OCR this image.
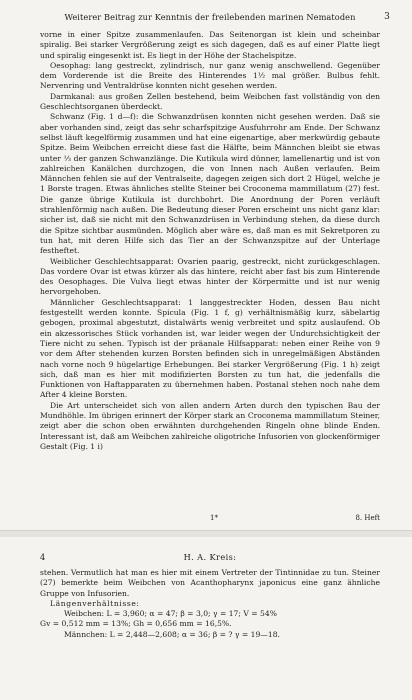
Weiterer Beitrag zur Kenntnis der freilebenden marinen Nematoden	3

vorne in einer Spitze zusammenlaufen. Das Seitenorgan ist klein und scheinbar spiralig. Bei starker Vergrößerung zeigt es sich dagegen, daß es auf einer Platte liegt und spiralig eingesenkt ist. Es liegt in der Höhe der Stachelspitze.

Oesophag: lang gestreckt, zylindrisch, nur ganz wenig anschwellend. Gegenüber dem Vorderende ist die Breite des Hinterendes 1½ mal größer. Bulbus fehlt. Nervenring und Ventraldrüse konnten nicht gesehen werden.

Darmkanal: aus großen Zellen bestehend, beim Weibchen fast vollständig von den Geschlechtsorganen überdeckt.

Schwanz (Fig. 1 d—f): die Schwanzdrüsen konnten nicht gesehen werden. Daß sie aber vorhanden sind, zeigt das sehr scharfspitzige Ausfuhrrohr am Ende. Der Schwanz selbst läuft kegelförmig zusammen und hat eine eigenartige, aber merkwürdig gebaute Spitze. Beim Weibchen erreicht diese fast die Hälfte, beim Männchen bleibt sie etwas unter ⅓ der ganzen Schwanzlänge. Die Kutikula wird dünner, lamellenartig und ist von zahlreichen Kanälchen durchzogen, die von Innen nach Außen verlaufen. Beim Männchen fehlen sie auf der Ventralseite, dagegen zeigen sich dort 2 Hügel, welche je 1 Borste tragen. Etwas ähnliches stellte Steiner bei Croconema mammillatum (27) fest. Die ganze übrige Kutikula ist durchbohrt. Die Anordnung der Poren verläuft strahlenförmig nach außen. Die Bedeutung dieser Poren erscheint uns nicht ganz klar: sicher ist, daß sie nicht mit den Schwanzdrüsen in Verbindung stehen, da diese durch die Spitze sichtbar ausmünden. Möglich aber wäre es, daß man es mit Sekretporen zu tun hat, mit deren Hilfe sich das Tier an der Schwanzspitze auf der Unterlage festheftet.

Weiblicher Geschlechtsapparat: Ovarien paarig, gestreckt, nicht zurückgeschlagen. Das vordere Ovar ist etwas kürzer als das hintere, reicht aber fast bis zum Hinterende des Oesophages. Die Vulva liegt etwas hinter der Körpermitte und ist nur wenig hervorgehoben.

Männlicher Geschlechtsapparat: 1 langgestreckter Hoden, dessen Bau nicht festgestellt werden konnte. Spicula (Fig. 1 f, g) verhältnismäßig kurz, säbelartig gebogen, proximal abgestutzt, distalwärts wenig verbreitet und spitz auslaufend. Ob ein akzessorisches Stück vorhanden ist, war leider wegen der Undurchsichtigkeit der Tiere nicht zu sehen. Typisch ist der präanale Hilfsapparat: neben einer Reihe von 9 vor dem After stehenden kurzen Borsten befinden sich in unregelmäßigen Abständen nach vorne noch 9 hügelartige Erhebungen. Bei starker Vergrößerung (Fig. 1 h) zeigt sich, daß man es hier mit modifizierten Borsten zu tun hat, die jedenfalls die Funktionen von Haftapparaten zu übernehmen haben. Postanal stehen noch nahe dem After 4 kleine Borsten.

Die Art unterscheidet sich von allen andern Arten durch den typischen Bau der Mundhöhle. Im übrigen erinnert der Körper stark an Croconema mammillatum Steiner, zeigt aber die schon oben erwähnten durchgehenden Ringeln ohne blinde Enden. Interessant ist, daß am Weibchen zahlreiche oligotriche Infusorien von glockenförmiger Gestalt (Fig. 1 i)

1*	8. Heft
4	H. A. Kreis:

stehen. Vermutlich hat man es hier mit einem Vertreter der Tintinnidae zu tun. Steiner (27) bemerkte beim Weibchen von Acanthopharynx japonicus eine ganz ähnliche Gruppe von Infusorien.

Längenverhältnisse:

Weibchen: L = 3,960; α = 47; β = 3,0; γ = 17; V = 54%

Gv = 0,512 mm = 13%; Gh = 0,656 mm = 16,5%.

Männchen: L = 2,448—2,608; α = 36; β = ? γ = 19—18.
